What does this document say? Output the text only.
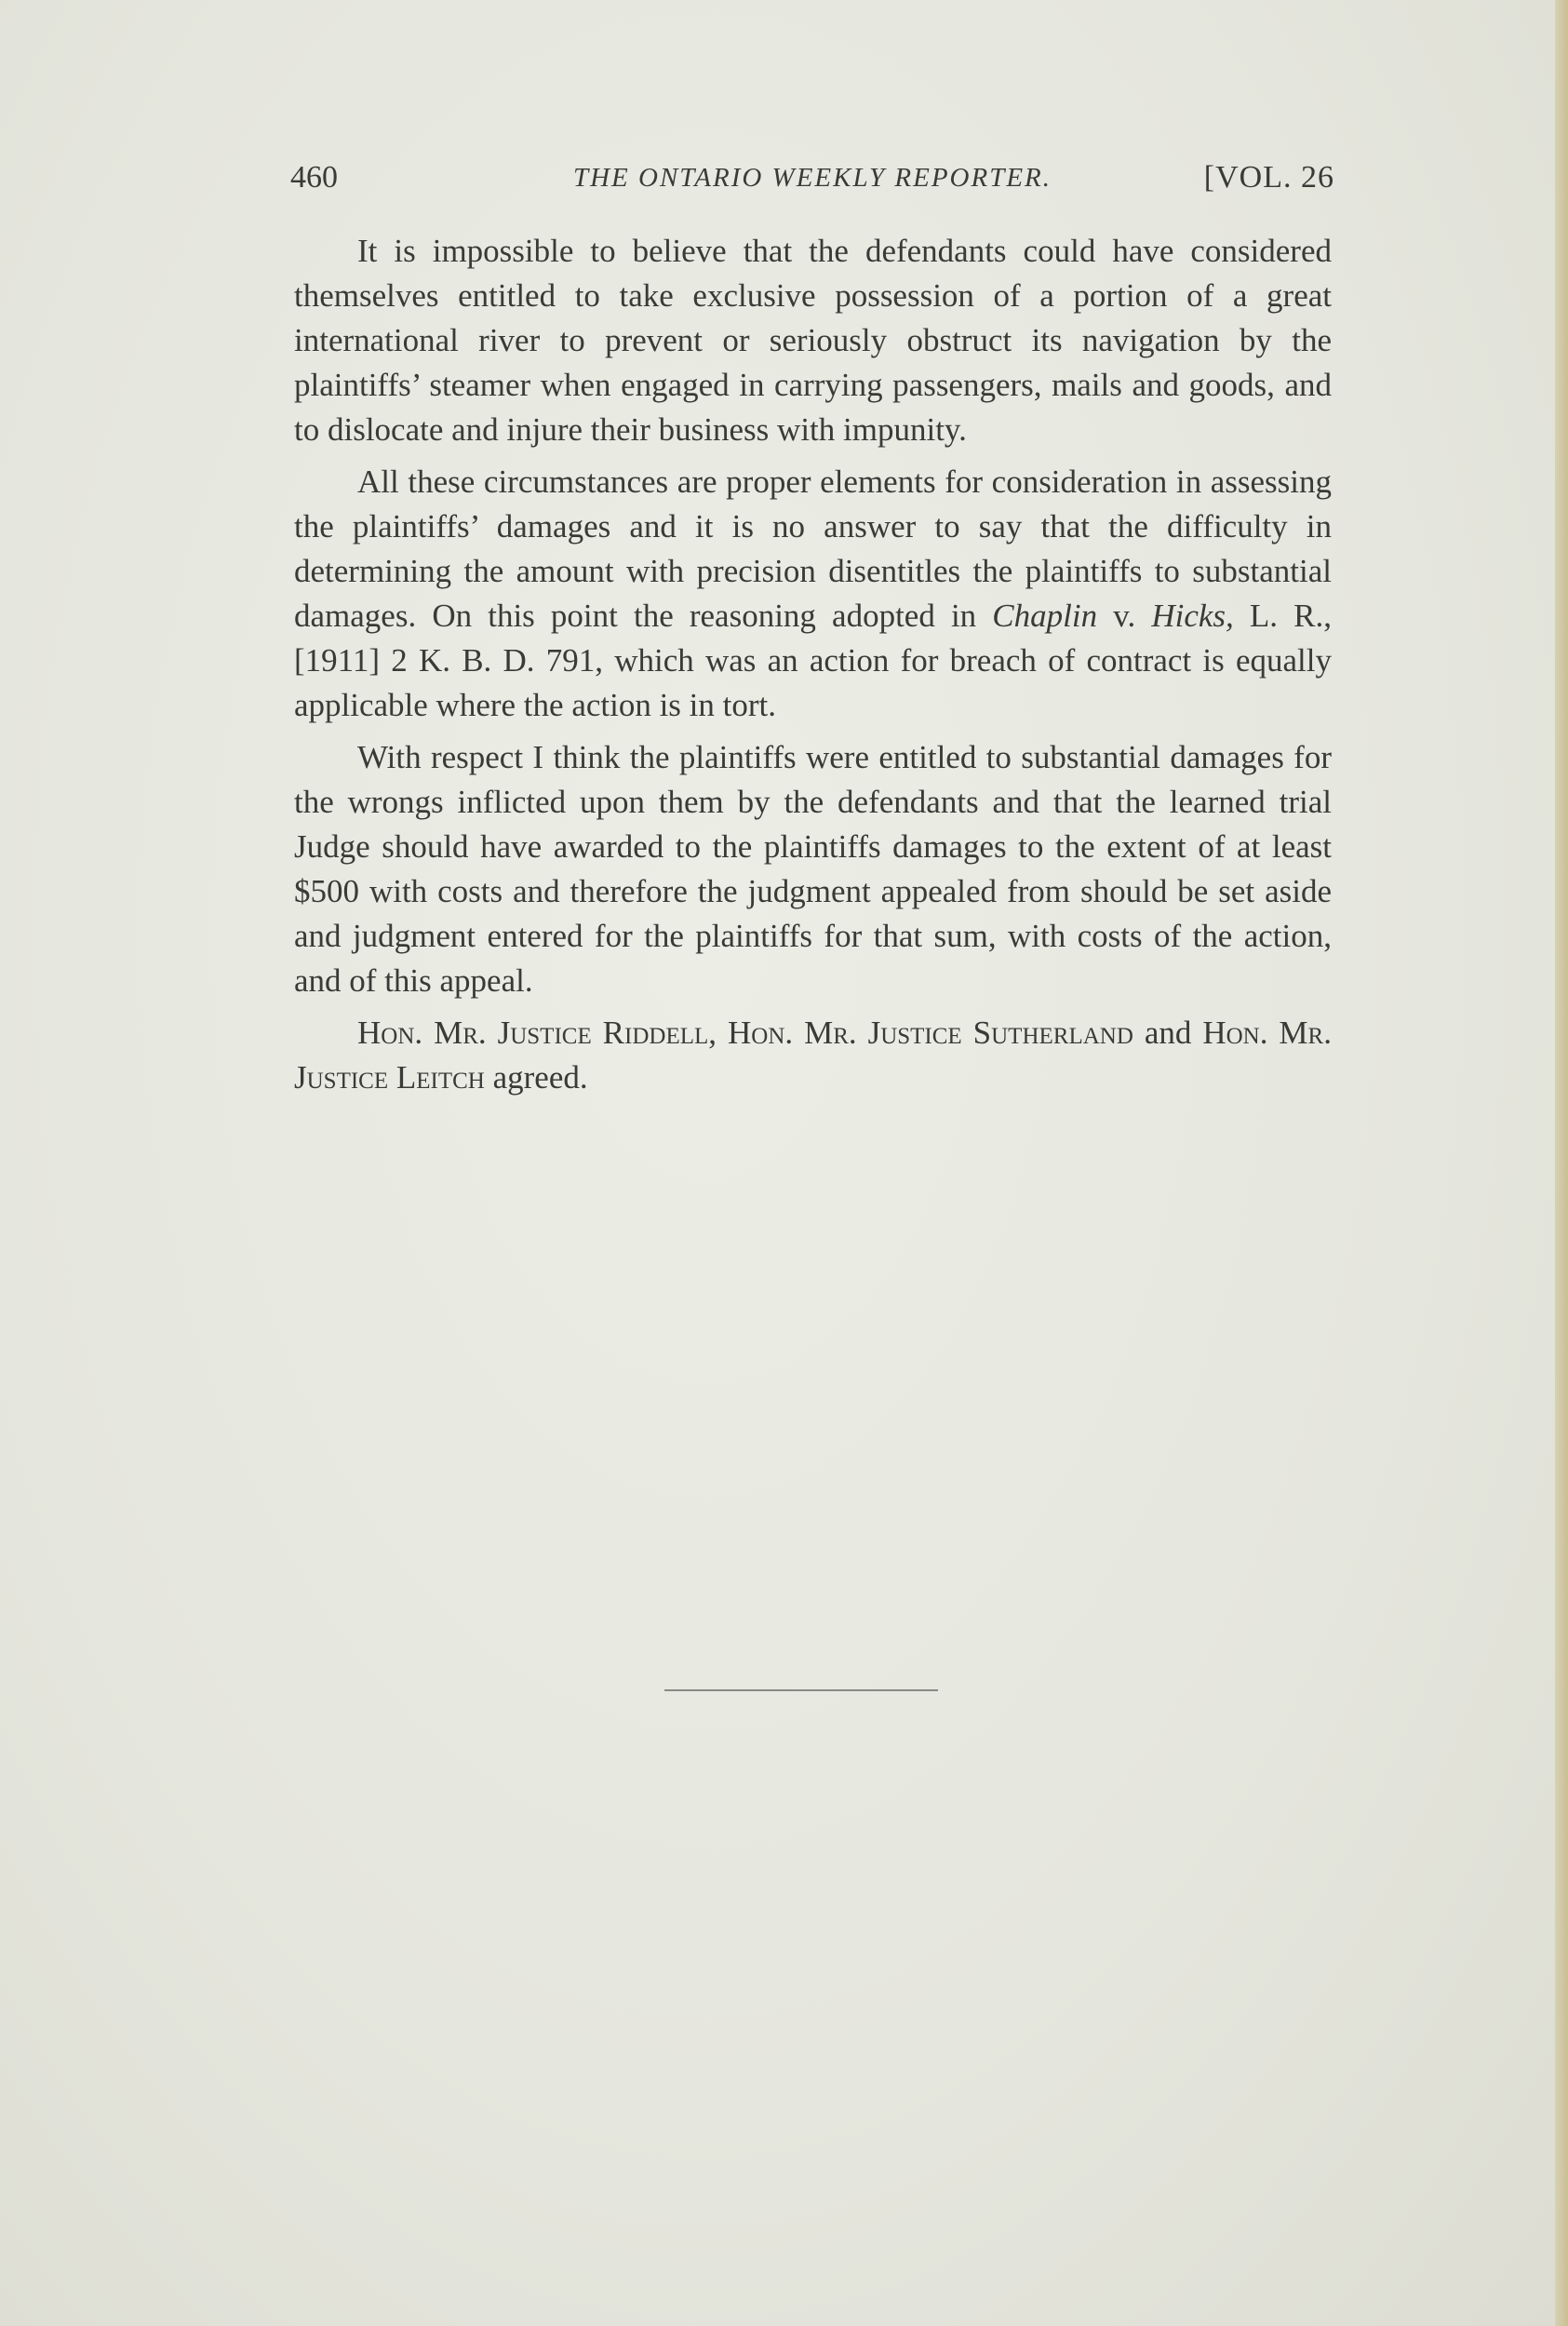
460	THE ONTARIO WEEKLY REPORTER.	[VOL. 26

It is impossible to believe that the defendants could have considered themselves entitled to take exclusive possession of a portion of a great international river to prevent or seriously obstruct its navigation by the plaintiffs’ steamer when engaged in carrying passengers, mails and goods, and to dislocate and injure their business with impunity.

All these circumstances are proper elements for consideration in assessing the plaintiffs’ damages and it is no answer to say that the difficulty in determining the amount with precision disentitles the plaintiffs to substantial damages. On this point the reasoning adopted in Chaplin v. Hicks, L. R., [1911] 2 K. B. D. 791, which was an action for breach of contract is equally applicable where the action is in tort.

With respect I think the plaintiffs were entitled to substantial damages for the wrongs inflicted upon them by the defendants and that the learned trial Judge should have awarded to the plaintiffs damages to the extent of at least $500 with costs and therefore the judgment appealed from should be set aside and judgment entered for the plaintiffs for that sum, with costs of the action, and of this appeal.

Hon. Mr. Justice Riddell, Hon. Mr. Justice Sutherland and Hon. Mr. Justice Leitch agreed.
